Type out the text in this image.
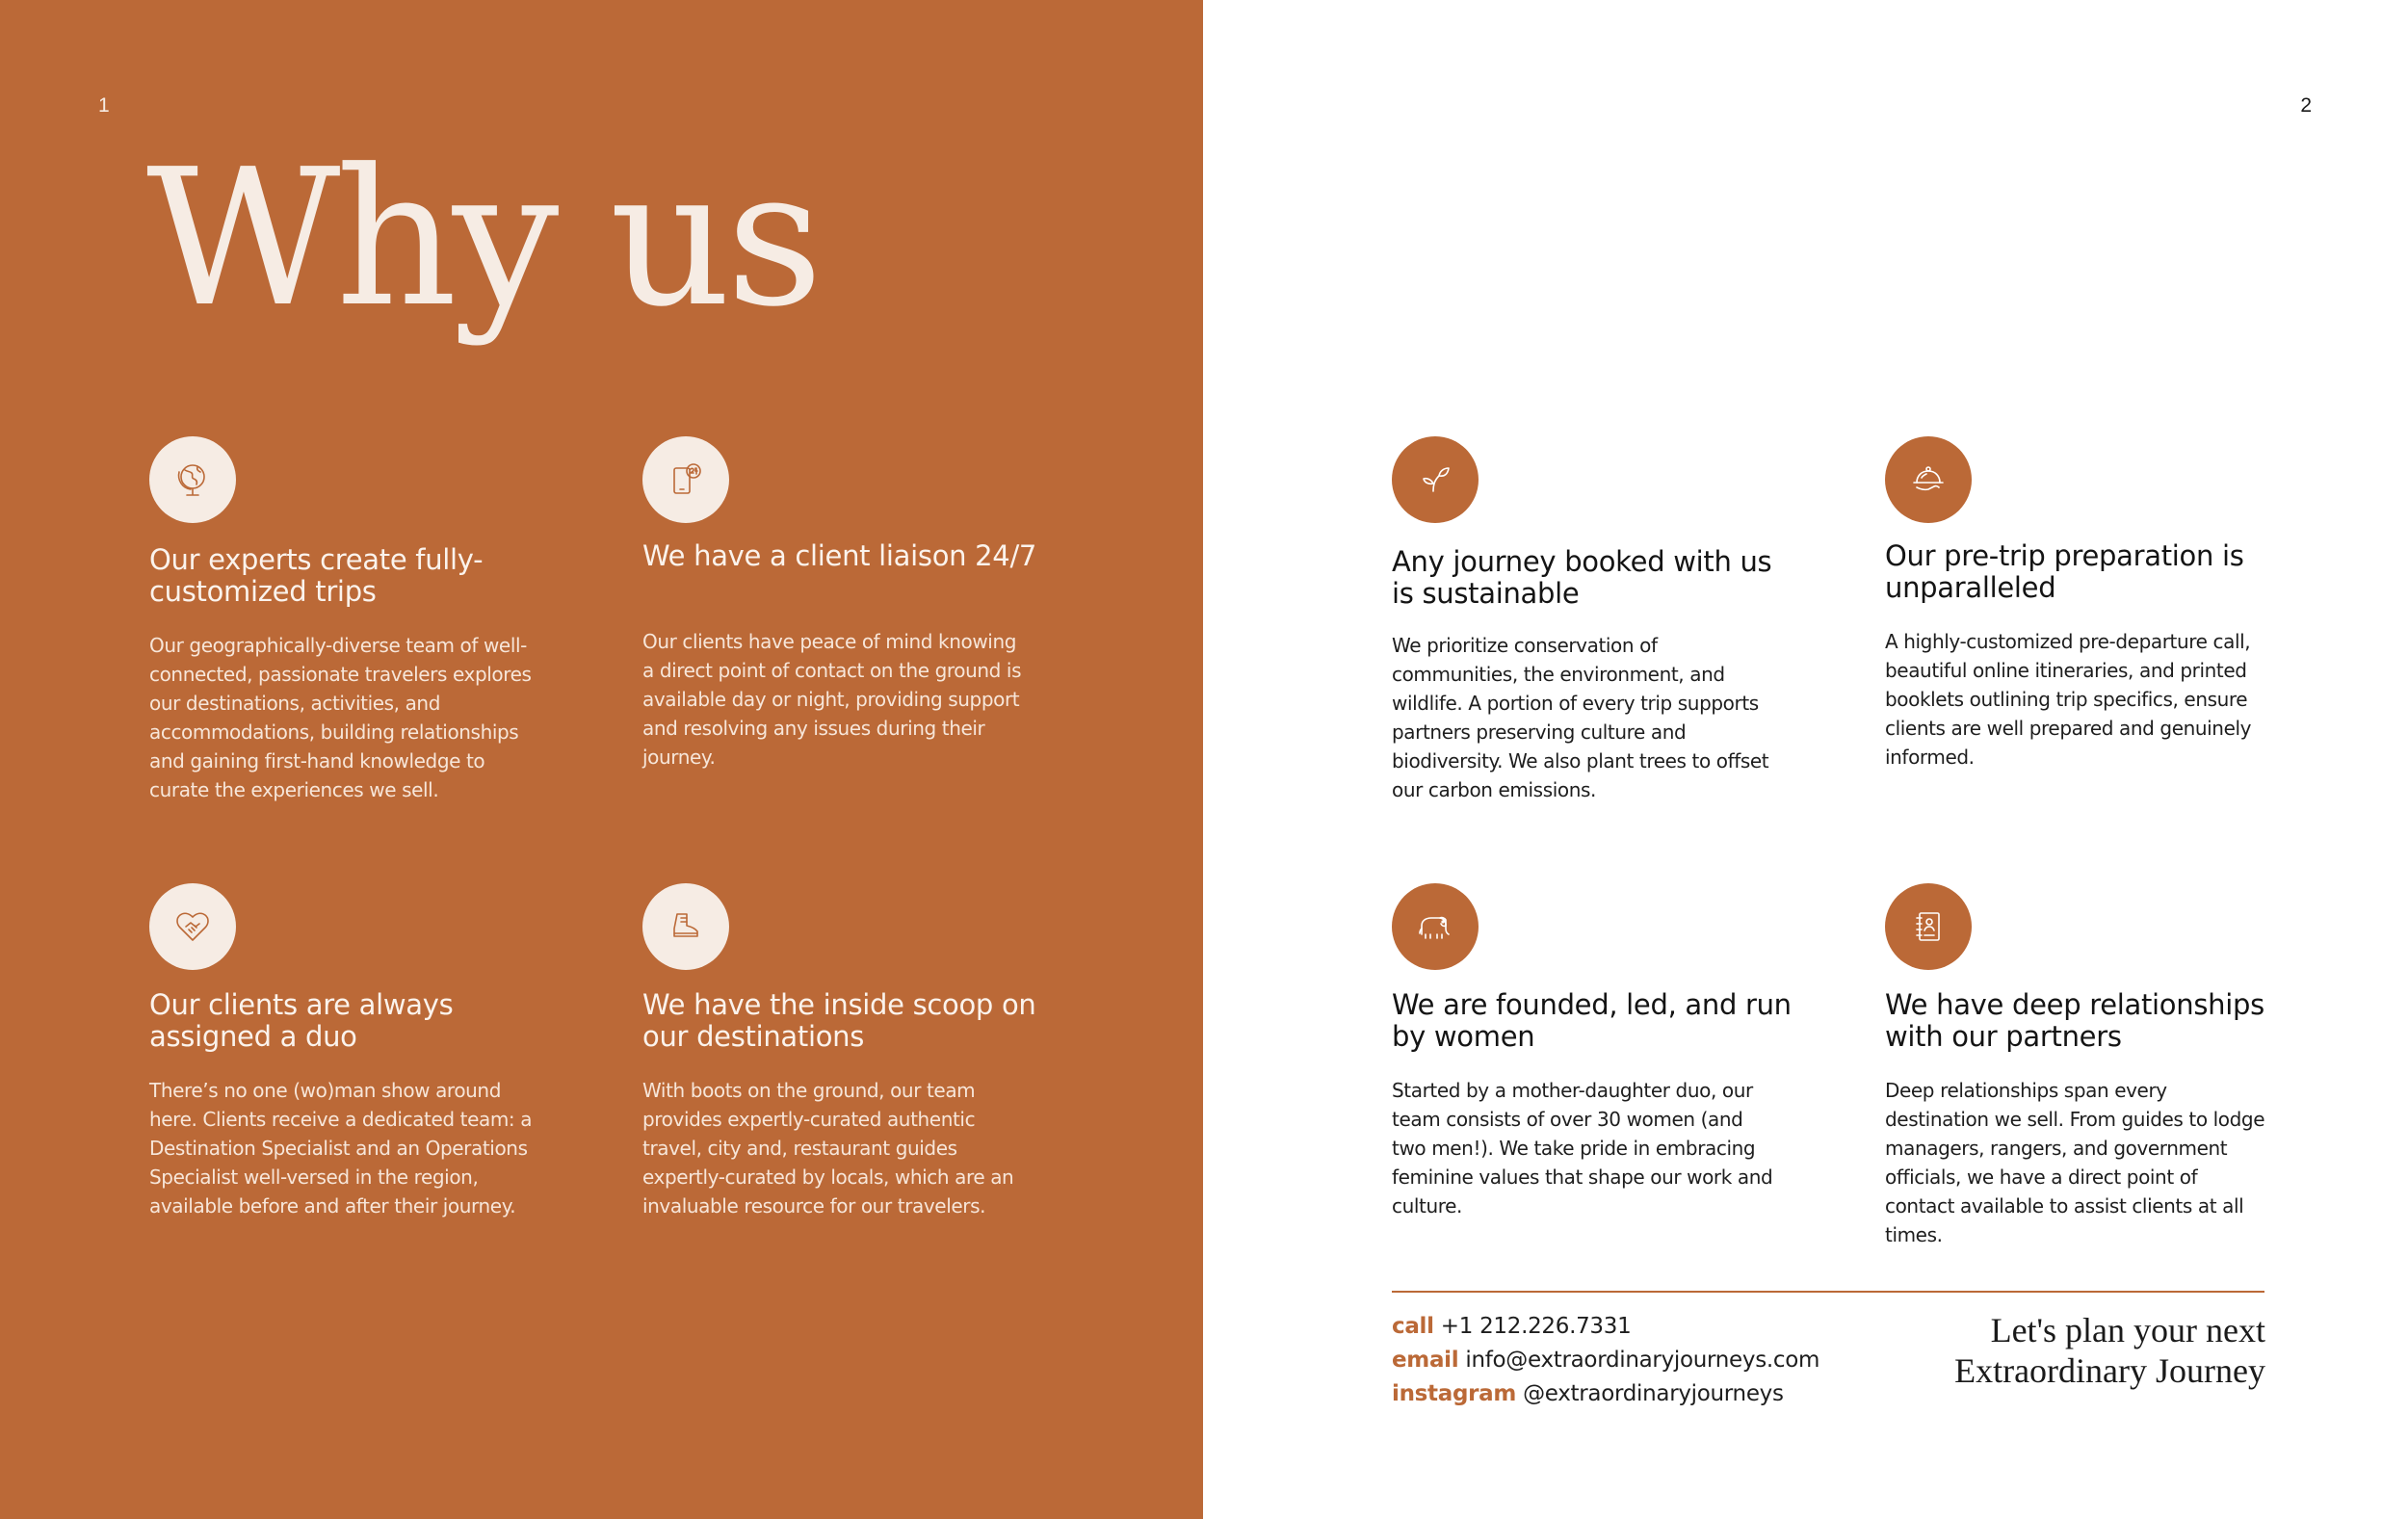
1
Why us
Our experts create fully-customized trips

Our geographically-diverse team of well-connected, passionate travelers explores our destinations, activities, and accommodations, building relationships and gaining first-hand knowledge to curate the experiences we sell.

We have a client liaison 24/7

Our clients have peace of mind knowing a direct point of contact on the ground is available day or night, providing support and resolving any issues during their journey.

Our clients are always assigned a duo

There’s no one (wo)man show around here. Clients receive a dedicated team: a Destination Specialist and an Operations Specialist well-versed in the region, available before and after their journey.

We have the inside scoop on our destinations

With boots on the ground, our team provides expertly-curated authentic travel, city and, restaurant guides expertly-curated by locals, which are an invaluable resource for our travelers.

2
Any journey booked with us is sustainable

We prioritize conservation of communities, the environment, and wildlife. A portion of every trip supports partners preserving culture and biodiversity. We also plant trees to offset our carbon emissions.

Our pre-trip preparation is unparalleled

A highly-customized pre-departure call, beautiful online itineraries, and printed booklets outlining trip specifics, ensure clients are well prepared and genuinely informed.

We are founded, led, and run by women

Started by a mother-daughter duo, our team consists of over 30 women (and two men!). We take pride in embracing feminine values that shape our work and culture.

We have deep relationships with our partners

Deep relationships span every destination we sell. From guides to lodge managers, rangers, and government officials, we have a direct point of contact available to assist clients at all times.

call +1 212.226.7331
email info@extraordinaryjourneys.com
instagram @extraordinaryjourneys
Let's plan your next
Extraordinary Journey
